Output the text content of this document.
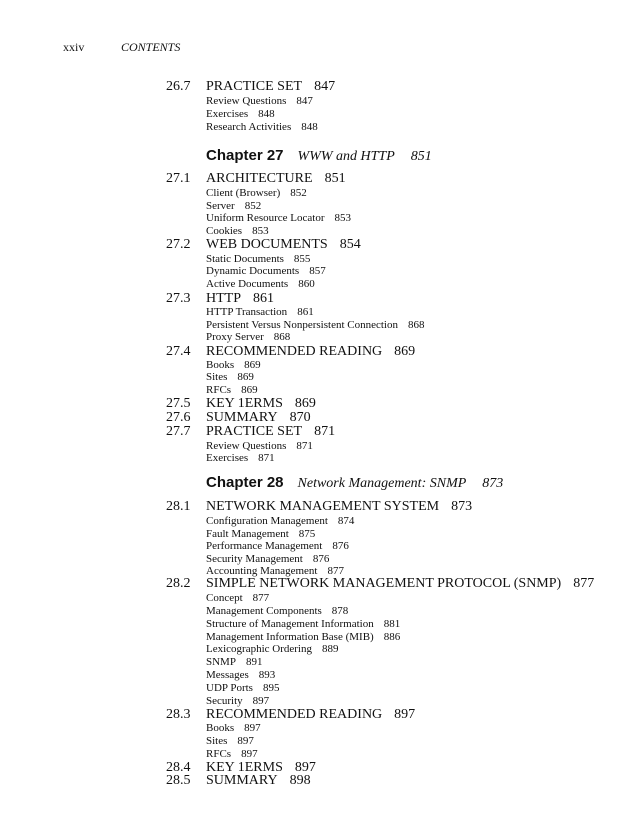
xxiv	CONTENTS
26.7 PRACTICE SET 847
Review Questions 847
Exercises 848
Research Activities 848
Chapter 27 WWW and HTTP 851
27.1 ARCHITECTURE 851
Client (Browser) 852
Server 852
Uniform Resource Locator 853
Cookies 853
27.2 WEB DOCUMENTS 854
Static Documents 855
Dynamic Documents 857
Active Documents 860
27.3 HTTP 861
HTTP Transaction 861
Persistent Versus Nonpersistent Connection 868
Proxy Server 868
27.4 RECOMMENDED READING 869
Books 869
Sites 869
RFCs 869
27.5 KEY 1ERMS 869
27.6 SUMMARY 870
27.7 PRACTICE SET 871
Review Questions 871
Exercises 871
Chapter 28 Network Management: SNMP 873
28.1 NETWORK MANAGEMENT SYSTEM 873
Configuration Management 874
Fault Management 875
Performance Management 876
Security Management 876
Accounting Management 877
28.2 SIMPLE NETWORK MANAGEMENT PROTOCOL (SNMP) 877
Concept 877
Management Components 878
Structure of Management Information 881
Management Information Base (MIB) 886
Lexicographic Ordering 889
SNMP 891
Messages 893
UDP Ports 895
Security 897
28.3 RECOMMENDED READING 897
Books 897
Sites 897
RFCs 897
28.4 KEY 1ERMS 897
28.5 SUMMARY 898
